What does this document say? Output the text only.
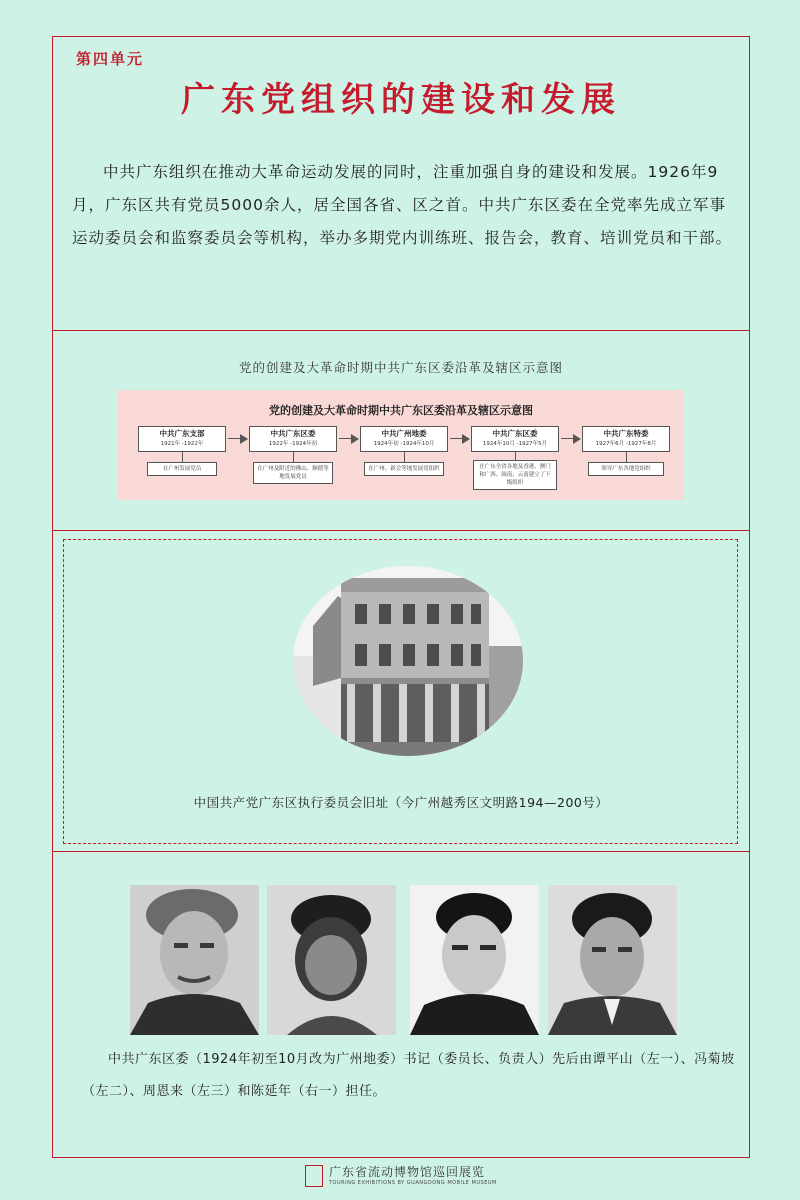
第四单元
广东党组织的建设和发展
中共广东组织在推动大革命运动发展的同时，注重加强自身的建设和发展。1926年9月，广东区共有党员5000余人，居全国各省、区之首。中共广东区委在全党率先成立军事运动委员会和监察委员会等机构，举办多期党内训练班、报告会，教育、培训党员和干部。
党的创建及大革命时期中共广东区委沿革及辖区示意图
党的创建及大革命时期中共广东区委沿革及辖区示意图
中共广东支部
1921年 -1922年
在广州发展党员
中共广东区委
1922年 -1924年初
在广州及附近的佛山、顺德等地发展党员
中共广州地委
1924年初 -1924年10月
在广州、新会等地发展党组织
中共广东区委
1924年10月 -1927年5月
在广东全省各地及香港、澳门和广西、闽南、云南建立了下级组织
中共广东特委
1927年6月 -1927年8月
领导广东各地党组织
中国共产党广东区执行委员会旧址（今广州越秀区文明路194—200号）
中共广东区委（1924年初至10月改为广州地委）书记（委员长、负责人）先后由谭平山（左一）、冯菊坡（左二）、周恩来（左三）和陈延年（右一）担任。
广东省流动博物馆巡回展览
TOURING EXHIBITIONS BY GUANGDONG MOBILE MUSEUM
